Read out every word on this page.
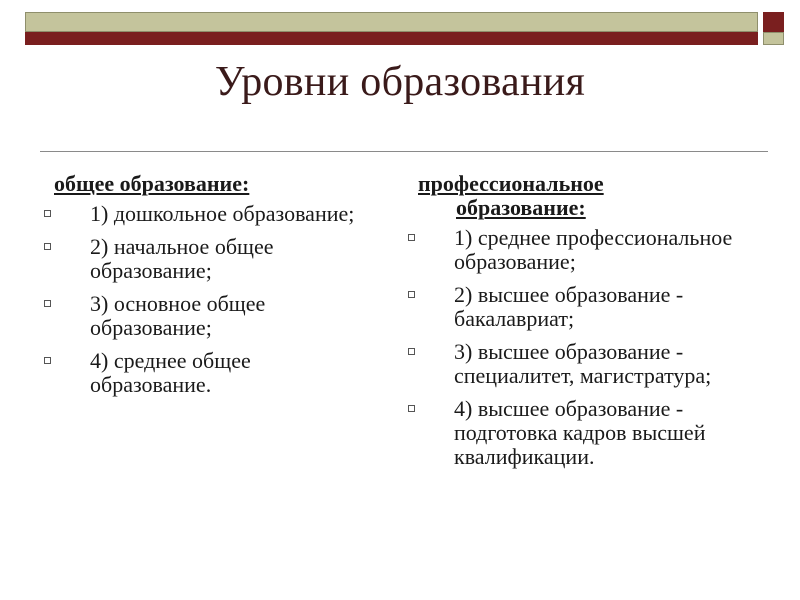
Уровни образования
общее образование:
1) дошкольное образование;
2) начальное общее образование;
3) основное общее образование;
4) среднее общее образование.
профессиональное
образование:
1) среднее профессиональное образование;
2) высшее образование - бакалавриат;
3) высшее образование - специалитет, магистратура;
4) высшее образование - подготовка кадров высшей квалификации.
